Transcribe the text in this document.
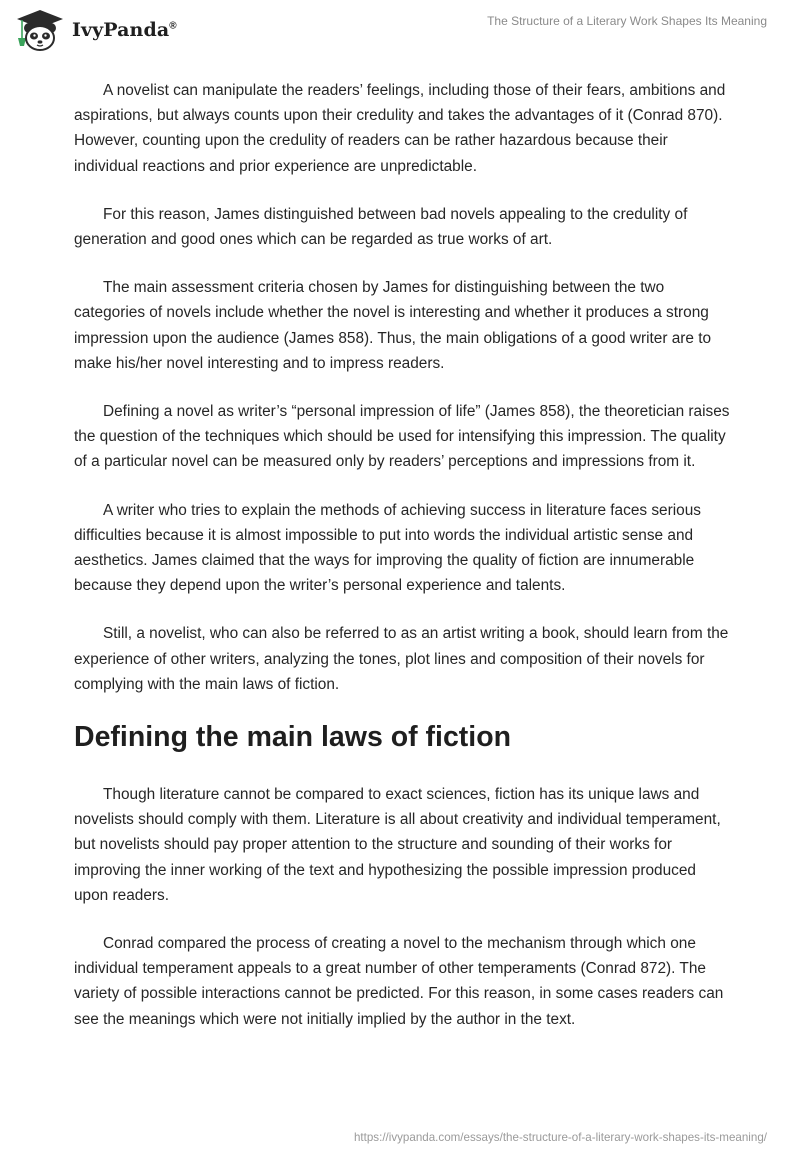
IvyPanda®	The Structure of a Literary Work Shapes Its Meaning

A novelist can manipulate the readers’ feelings, including those of their fears, ambitions and aspirations, but always counts upon their credulity and takes the advantages of it (Conrad 870). However, counting upon the credulity of readers can be rather hazardous because their individual reactions and prior experience are unpredictable.

For this reason, James distinguished between bad novels appealing to the credulity of generation and good ones which can be regarded as true works of art.

The main assessment criteria chosen by James for distinguishing between the two categories of novels include whether the novel is interesting and whether it produces a strong impression upon the audience (James 858). Thus, the main obligations of a good writer are to make his/her novel interesting and to impress readers.

Defining a novel as writer’s “personal impression of life” (James 858), the theoretician raises the question of the techniques which should be used for intensifying this impression. The quality of a particular novel can be measured only by readers’ perceptions and impressions from it.

A writer who tries to explain the methods of achieving success in literature faces serious difficulties because it is almost impossible to put into words the individual artistic sense and aesthetics. James claimed that the ways for improving the quality of fiction are innumerable because they depend upon the writer’s personal experience and talents.

Still, a novelist, who can also be referred to as an artist writing a book, should learn from the experience of other writers, analyzing the tones, plot lines and composition of their novels for complying with the main laws of fiction.

Defining the main laws of fiction

Though literature cannot be compared to exact sciences, fiction has its unique laws and novelists should comply with them. Literature is all about creativity and individual temperament, but novelists should pay proper attention to the structure and sounding of their works for improving the inner working of the text and hypothesizing the possible impression produced upon readers.

Conrad compared the process of creating a novel to the mechanism through which one individual temperament appeals to a great number of other temperaments (Conrad 872). The variety of possible interactions cannot be predicted. For this reason, in some cases readers can see the meanings which were not initially implied by the author in the text.

https://ivypanda.com/essays/the-structure-of-a-literary-work-shapes-its-meaning/
